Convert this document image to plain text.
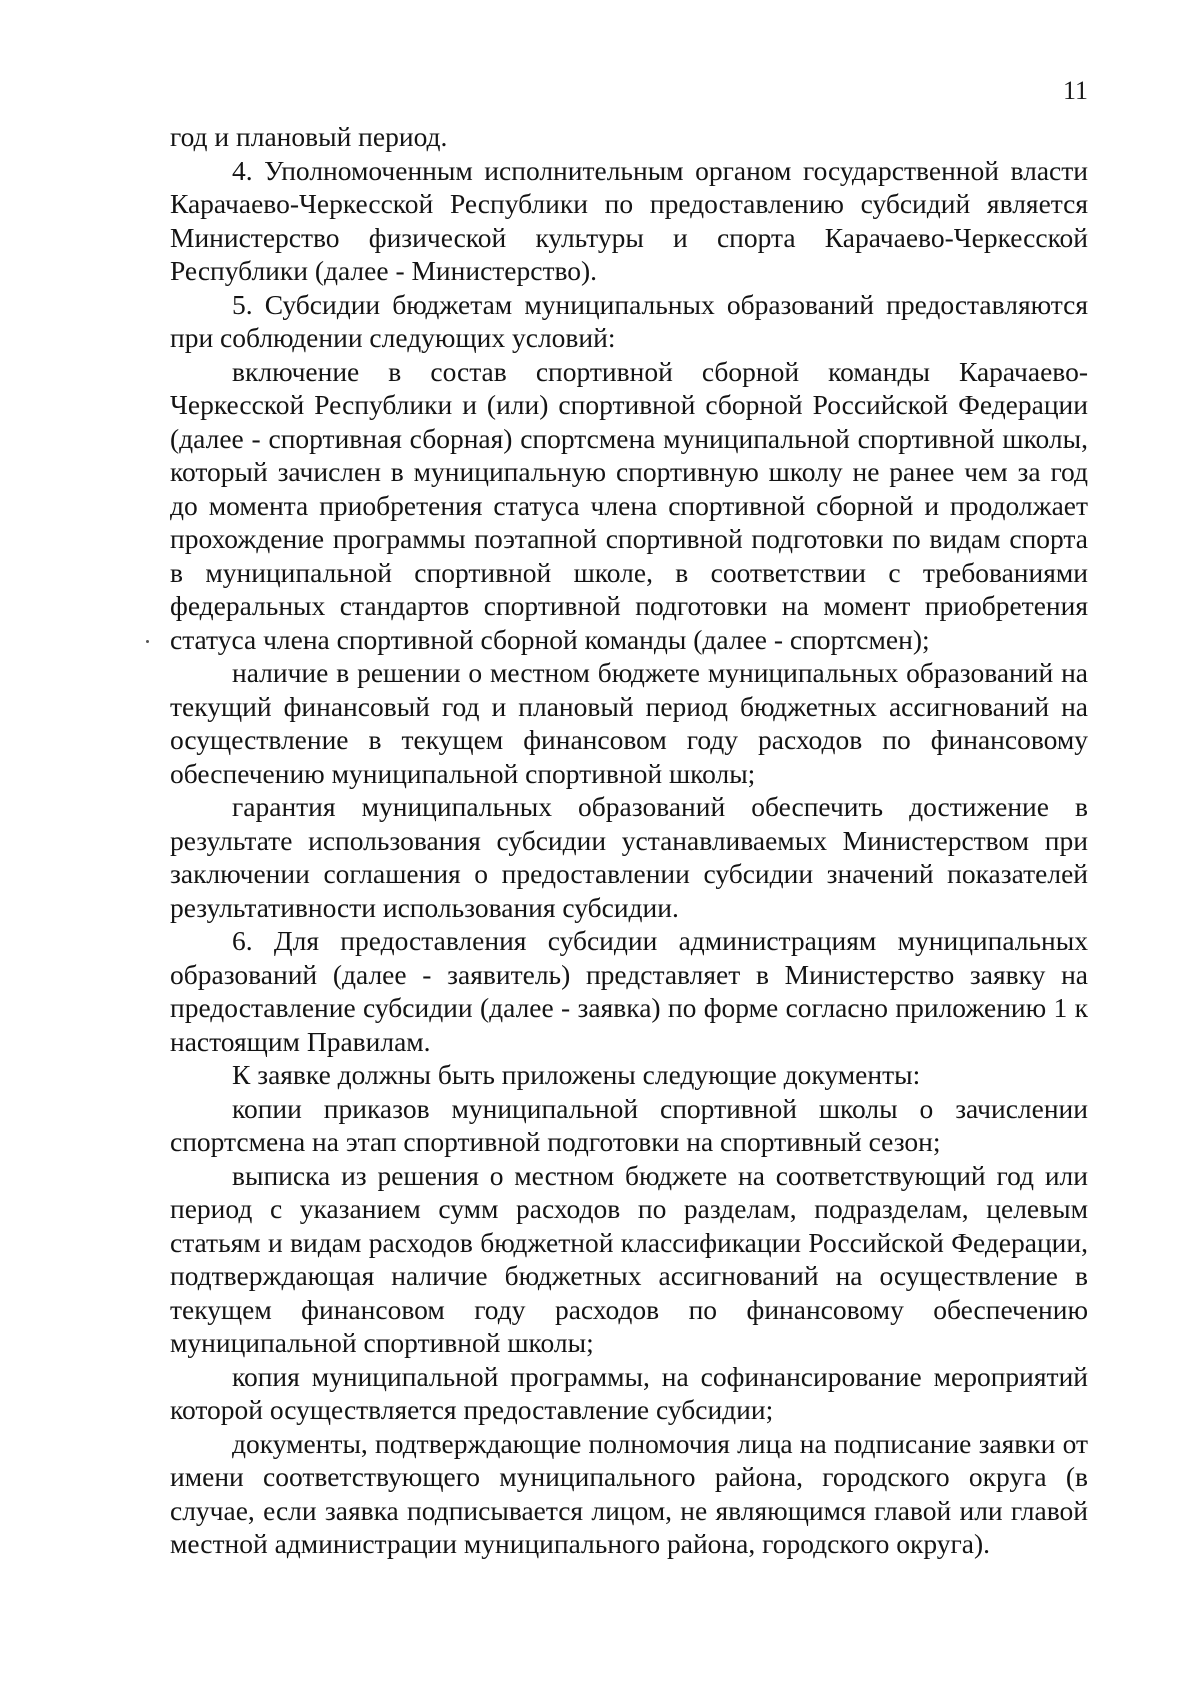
11

год и плановый период.

4. Уполномоченным исполнительным органом государственной власти Карачаево-Черкесской Республики по предоставлению субсидий является Министерство физической культуры и спорта Карачаево-Черкесской Республики (далее - Министерство).

5. Субсидии бюджетам муниципальных образований предоставляются при соблюдении следующих условий:

включение в состав спортивной сборной команды Карачаево-Черкесской Республики и (или) спортивной сборной Российской Федерации (далее - спортивная сборная) спортсмена муниципальной спортивной школы, который зачислен в муниципальную спортивную школу не ранее чем за год до момента приобретения статуса члена спортивной сборной и продолжает прохождение программы поэтапной спортивной подготовки по видам спорта в муниципальной спортивной школе, в соответствии с требованиями федеральных стандартов спортивной подготовки на момент приобретения статуса члена спортивной сборной команды (далее - спортсмен);

наличие в решении о местном бюджете муниципальных образований на текущий финансовый год и плановый период бюджетных ассигнований на осуществление в текущем финансовом году расходов по финансовому обеспечению муниципальной спортивной школы;

гарантия муниципальных образований обеспечить достижение в результате использования субсидии устанавливаемых Министерством при заключении соглашения о предоставлении субсидии значений показателей результативности использования субсидии.

6. Для предоставления субсидии администрациям муниципальных образований (далее - заявитель) представляет в Министерство заявку на предоставление субсидии (далее - заявка) по форме согласно приложению 1 к настоящим Правилам.

К заявке должны быть приложены следующие документы:

копии приказов муниципальной спортивной школы о зачислении спортсмена на этап спортивной подготовки на спортивный сезон;

выписка из решения о местном бюджете на соответствующий год или период с указанием сумм расходов по разделам, подразделам, целевым статьям и видам расходов бюджетной классификации Российской Федерации, подтверждающая наличие бюджетных ассигнований на осуществление в текущем финансовом году расходов по финансовому обеспечению муниципальной спортивной школы;

копия муниципальной программы, на софинансирование мероприятий которой осуществляется предоставление субсидии;

документы, подтверждающие полномочия лица на подписание заявки от имени соответствующего муниципального района, городского округа (в случае, если заявка подписывается лицом, не являющимся главой или главой местной администрации муниципального района, городского округа).
